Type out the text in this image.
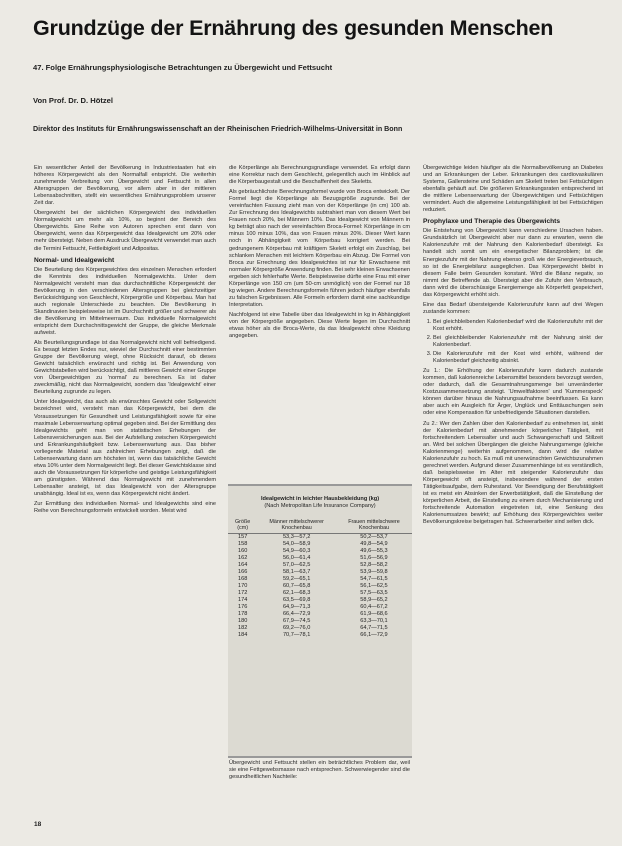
Grundzüge der Ernährung des gesunden Menschen
47. Folge Ernährungsphysiologische Betrachtungen zu Übergewicht und Fettsucht
Von Prof. Dr. D. Hötzel
Direktor des Instituts für Ernährungswissenschaft an der Rheinischen Friedrich-Wilhelms-Universität in Bonn

Ein wesentlicher Anteil der Bevölkerung in Industriestaaten hat ein höheres Körpergewicht als den Normalfall entspricht. Die weiterhin zunehmende Verbreitung von Übergewicht und Fettsucht in allen Altersgruppen der Bevölkerung, vor allem aber in der mittleren Lebensabschnitten, stellt ein wesentliches Ernährungsproblem unserer Zeit dar.

Übergewicht bei der sächlichen Körpergewicht des individuellen Normalgewicht um mehr als 10%, so beginnt der Bereich des Übergewichts. Eine Reihe von Autoren sprechen erst dann von Übergewicht, wenn das Körpergewicht das Idealgewicht um 20% oder mehr übersteigt. Neben dem Ausdruck Übergewicht verwendet man auch die Termini Fettsucht, Fettleibigkeit und Adipositas.

Normal- und Idealgewicht

Die Beurteilung des Körpergewichtes des einzelnen Menschen erfordert die Kenntnis des individuellen Normalgewichts. Unter dem Normalgewicht versteht man das durchschnittliche Körpergewicht der Bevölkerung in den verschiedenen Altersgruppen bei gleichzeitiger Berücksichtigung von Geschlecht, Körpergröße und Körperbau. Man hat auch regionale Unterschiede zu beachten. Die Bevölkerung in Skandinavien beispielsweise ist im Durchschnitt größer und schwerer als die Bevölkerung im Mittelmeerraum. Das individuelle Normalgewicht entspricht dem Durchschnittsgewicht der Gruppe, die gleiche Merkmale aufweist.

Als Beurteilungsgrundlage ist das Normalgewicht nicht voll befriedigend. Es besagt letzten Endes nur, wieviel der Durchschnitt einer bestimmten Gruppe der Bevölkerung wiegt, ohne Rücksicht darauf, ob dieses Gewicht tatsächlich erwünscht und richtig ist. Bei Anwendung von Gewichtstabellen wird berücksichtigt, daß mittleres Gewicht einer Gruppe von Übergewichtigen zu 'normal' zu berechnen. Es ist daher zweckmäßig, nicht das Normalgewicht, sondern das 'Idealgewicht' einer Beurteilung zugrunde zu legen.

Unter Idealgewicht, das auch als erwünschtes Gewicht oder Sollgewicht bezeichnet wird, versteht man das Körpergewicht, bei dem die Voraussetzungen für Gesundheit und Leistungsfähigkeit sowie für eine maximale Lebenserwartung optimal gegeben sind. Bei der Ermittlung des Idealgewichts geht man von statistischen Erhebungen der Lebensversicherungen aus. Bei der Aufstellung zwischen Körpergewicht und Erkrankungshäufigkeit bzw. Lebenserwartung aus. Das bisher vorliegende Material aus zahlreichen Erhebungen zeigt, daß die Lebenserwartung dann am höchsten ist, wenn das tatsächliche Gewicht etwa 10% unter dem Normalgewicht liegt. Bei dieser Gewichtsklasse sind auch die Voraussetzungen für körperliche und geistige Leistungsfähigkeit am günstigsten. Während das Normalgewicht mit zunehmendem Lebensalter ansteigt, ist das Idealgewicht von der Altersgruppe unabhängig. Ideal ist es, wenn das Körpergewicht nicht ändert.

Zur Ermittlung des individuellen Normal- und Idealgewichts sind eine Reihe von Berechnungsformeln entwickelt worden. Meist wird

die Körperlänge als Berechnungsgrundlage verwendet. Es erfolgt dann eine Korrektur nach dem Geschlecht, gelegentlich auch im Hinblick auf die Körperbaugestalt und die Beschaffenheit des Skeletts.

Als gebräuchlichste Berechnungsformel wurde von Broca entwickelt. Der Formel liegt die Körperlänge als Bezugsgröße zugrunde. Bei der vereinfachten Fassung zieht man von der Körperlänge (in cm) 100 ab. Zur Errechnung des Idealgewichts subtrahiert man von diesem Wert bei Frauen noch 20%, bei Männern 10%. Das Idealgewicht von Männern in kg beträgt also nach der vereinfachten Broca-Formel: Körperlänge in cm minus 100 minus 10%, das von Frauen minus 20%. Dieser Wert kann noch in Abhängigkeit vom Körperbau korrigiert werden. Bei gedrungenem Körperbau mit kräftigem Skelett erfolgt ein Zuschlag, bei schlanken Menschen mit leichtem Körperbau ein Abzug. Die Formel von Broca zur Errechnung des Idealgewichtes ist nur für Erwachsene mit normaler Körpergröße Anwendung finden. Bei sehr kleinen Erwachsenen ergeben sich fehlerhafte Werte. Beispielsweise dürfte eine Frau mit einer Körperlänge von 150 cm (um 50-cm unmöglich) von der Formel nur 18 kg wiegen. Andere Berechnungsformeln führen jedoch häufiger ebenfalls zu falschen Ergebnissen. Alle Formeln erfordern damit eine sachkundige Interpretation.

Nachfolgend ist eine Tabelle über das Idealgewicht in kg in Abhängigkeit von der Körpergröße angegeben. Diese Werte liegen im Durchschnitt etwas höher als die Broca-Werte, da das Idealgewicht ohne Kleidung angegeben.

Idealgewicht in leichter Hausbekleidung (kg)
(Nach Metropolitan Life Insurance Company)
Größe (cm)	Männer mittelschwerer Knochenbau	Frauen mittelschwere Knochenbau
157	53,3—57,2	50,2—53,7
158	54,0—58,9	49,8—54,9
160	54,9—60,3	49,6—55,3
162	56,0—61,4	51,6—56,9
164	57,0—62,5	52,8—58,2
166	58,1—63,7	53,9—59,8
168	59,2—65,1	54,7—61,5
170	60,7—65,8	56,1—62,5
172	62,1—68,3	57,5—63,5
174	63,5—69,8	58,9—65,2
176	64,9—71,3	60,4—67,2
178	66,4—72,9	61,9—68,6
180	67,9—74,5	63,3—70,1
182	69,2—76,0	64,7—71,5
184	70,7—78,1	66,1—72,9

Übergewicht und Fettsucht stellen ein beträchtliches Problem dar, weil sie eine Fettgewebsmasse nach entsprechen. Schwerwiegender sind die gesundheitlichen Nachteile:

Übergewichtige leiden häufiger als die Normalbevölkerung an Diabetes und an Erkrankungen der Leber. Erkrankungen des cardiovaskulären Systems, Gallensteine und Schäden am Skelett treten bei Fettsüchtigen ebenfalls gehäuft auf. Die größeren Erkrankungsraten entsprechend ist die mittlere Lebenserwartung der Übergewichtigen und Fettsüchtigen vermindert. Auch die allgemeine Leistungsfähigkeit ist bei Fettsüchtigen reduziert.

Prophylaxe und Therapie des Übergewichts

Die Entstehung von Übergewicht kann verschiedene Ursachen haben. Grundsätzlich ist Übergewicht aber nur dann zu erwarten, wenn die Kalorienzufuhr mit der Nahrung den Kalorienbedarf übersteigt. Es handelt sich somit um ein energetischer Bilanzproblem; ist die Energiezufuhr mit der Nahrung ebenso groß wie der Energieverbrauch, so ist die Energiebilanz ausgeglichen. Das Körpergewicht bleibt in diesem Falle beim Gesunden konstant. Wird die Bilanz negativ, so nimmt der Betreffende ab. Übersteigt aber die Zufuhr den Verbrauch, dann wird die überschüssige Energiemenge als Körperfett gespeichert, das Körpergewicht erhöht sich.

Eine das Bedarf übersteigende Kalorienzufuhr kann auf drei Wegen zustande kommen:

1. Bei gleichbleibenden Kalorienbedarf wird die Kalorienzufuhr mit der Kost erhöht.
2. Bei gleichbleibender Kalorienzufuhr mit der Nahrung sinkt der Kalorienbedarf.
3. Die Kalorienzufuhr mit der Kost wird erhöht, während der Kalorienbedarf gleichzeitig absinkt.

Zu 1.: Die Erhöhung der Kalorienzufuhr kann dadurch zustande kommen, daß kalorienreiche Lebensmittel besonders bevorzugt werden, oder dadurch, daß die Gesamtnahrungsmenge bei unveränderter Kostzusammensetzung ansteigt. 'Umweltfaktoren' und 'Kummerspeck' können darüber hinaus die Nahrungsaufnahme beeinflussen. Es kann aber auch ein Ausgleich für Ärger, Unglück und Enttäuschungen sein oder eine Kompensation für unbefriedigende Situationen darstellen.

Zu 2.: Wer den Zahlen über den Kalorienbedarf zu entnehmen ist, sinkt der Kalorienbedarf mit abnehmender körperlicher Tätigkeit, mit fortschreitendem Lebensalter und auch Schwangerschaft und Stillzeit an. Wird bei solchen Übergängen die gleiche Nahrungsmenge (gleiche Kalorienmenge) weiterhin aufgenommen, dann wird die relative Kalorienzufuhr zu hoch. Es muß mit unerwünschten Gewichtszunahmen gerechnet werden. Aufgrund dieser Zusammenhänge ist es verständlich, daß beispielsweise im Alter mit steigender Kalorienzufuhr das Körpergewicht oft ansteigt, insbesondere während der ersten Tätigkeitsaufgabe, dem Ruhestand. Vor Beendigung der Berufstätigkeit ist es meist ein Absinken der Erwerbstätigkeit, daß die Einstellung der körperlichen Arbeit, die Einstellung zu einem durch Mechanisierung und fortschreitende Automation eingetreten ist, eine Senkung des Kalorienumsatzes bewirkt; auf Erhöhung des Körpergewichtes weiter Bevölkerungskreise beigetragen hat. Schwerarbeiter sind selten dick.

18
